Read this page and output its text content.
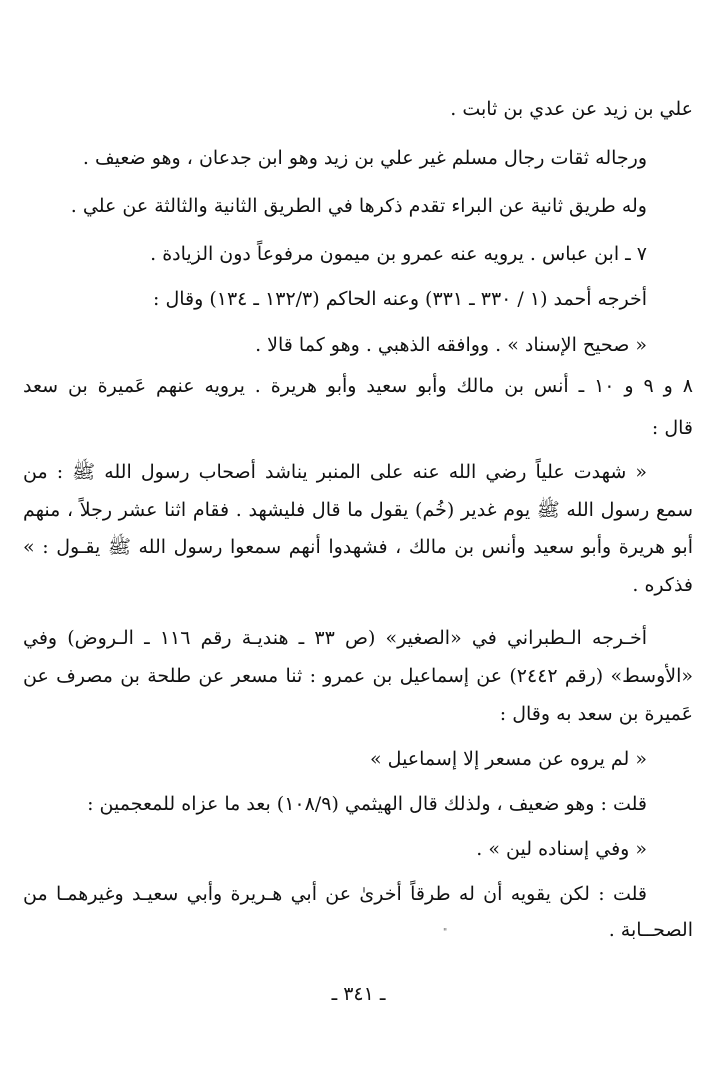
علي بن زيد عن عدي بن ثابت .
ورجاله ثقات رجال مسلم غير علي بن زيد وهو ابن جدعان ، وهو ضعيف .
وله طريق ثانية عن البراء تقدم ذكرها في الطريق الثانية والثالثة عن علي .
٧ ـ ابن عباس . يرويه عنه عمرو بن ميمون مرفوعاً دون الزيادة .
أخرجه أحمد (١ / ٣٣٠ ـ ٣٣١) وعنه الحاكم (١٣٢/٣ ـ ١٣٤) وقال :
« صحيح الإسناد » . ووافقه الذهبي . وهو كما قالا .
٨ و ٩ و ١٠ ـ أنس بن مالك وأبو سعيد وأبو هريرة . يرويه عنهم عَميرة بن سعد
قال :
« شهدت علياً رضي الله عنه على المنبر يناشد أصحاب رسول الله ﷺ : من
سمع رسول الله ﷺ يوم غدير (خُم) يقول ما قال فليشهد . فقام اثنا عشر رجلاً ، منهم
أبو هريرة وأبو سعيد وأنس بن مالك ، فشهدوا أنهم سمعوا رسول الله ﷺ يقـول : »
فذكره .
أخـرجه الـطبراني في «الصغير» (ص ٣٣ ـ هنديـة رقم ١١٦ ـ الـروض) وفي
«الأوسط» (رقم ٢٤٤٢) عن إسماعيل بن عمرو : ثنا مسعر عن طلحة بن مصرف عن
عَميرة بن سعد به وقال :
« لم يروه عن مسعر إلا إسماعيل »
قلت : وهو ضعيف ، ولذلك قال الهيثمي (١٠٨/٩) بعد ما عزاه للمعجمين :
« وفي إسناده لين » .
قلت : لكن يقويه أن له طرقاً أخرىٰ عن أبي هـريرة وأبي سعيـد وغيرهمـا من
الصحــابة .
"
ـ ٣٤١ ـ
